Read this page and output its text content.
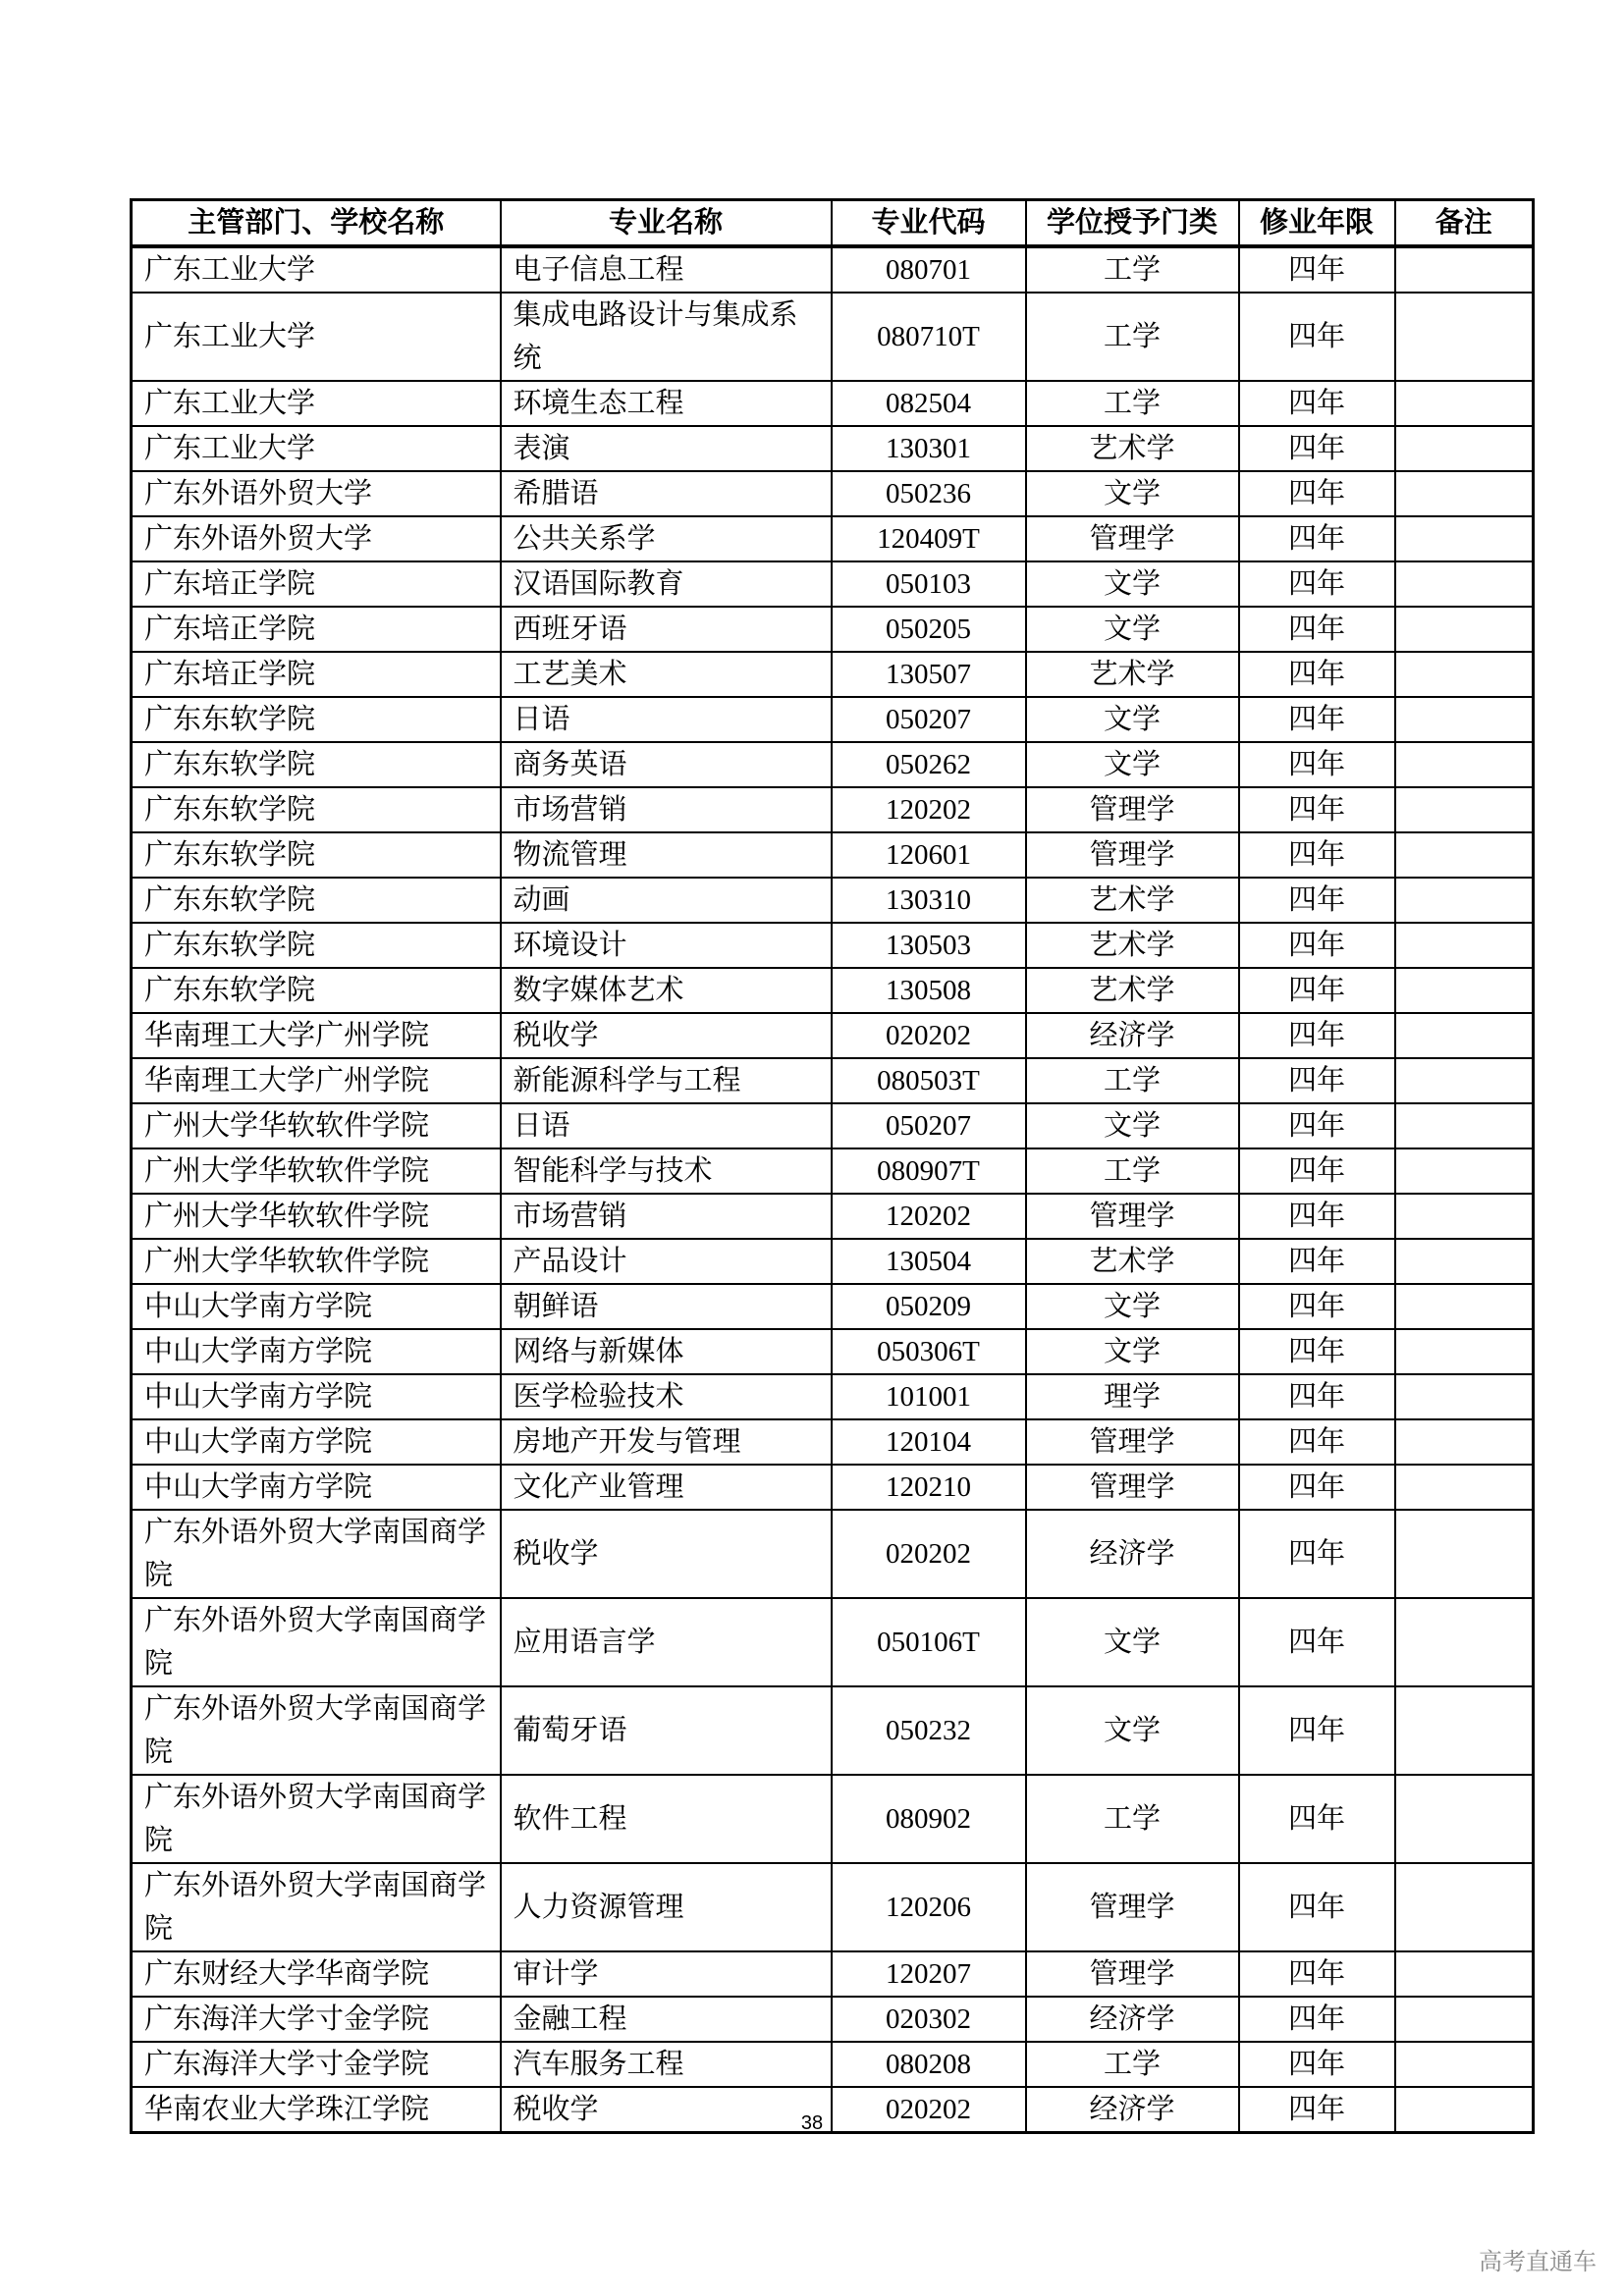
主管部门、学校名称	专业名称	专业代码	学位授予门类	修业年限	备注
广东工业大学	电子信息工程	080701	工学	四年	
广东工业大学	集成电路设计与集成系统	080710T	工学	四年	
广东工业大学	环境生态工程	082504	工学	四年	
广东工业大学	表演	130301	艺术学	四年	
广东外语外贸大学	希腊语	050236	文学	四年	
广东外语外贸大学	公共关系学	120409T	管理学	四年	
广东培正学院	汉语国际教育	050103	文学	四年	
广东培正学院	西班牙语	050205	文学	四年	
广东培正学院	工艺美术	130507	艺术学	四年	
广东东软学院	日语	050207	文学	四年	
广东东软学院	商务英语	050262	文学	四年	
广东东软学院	市场营销	120202	管理学	四年	
广东东软学院	物流管理	120601	管理学	四年	
广东东软学院	动画	130310	艺术学	四年	
广东东软学院	环境设计	130503	艺术学	四年	
广东东软学院	数字媒体艺术	130508	艺术学	四年	
华南理工大学广州学院	税收学	020202	经济学	四年	
华南理工大学广州学院	新能源科学与工程	080503T	工学	四年	
广州大学华软软件学院	日语	050207	文学	四年	
广州大学华软软件学院	智能科学与技术	080907T	工学	四年	
广州大学华软软件学院	市场营销	120202	管理学	四年	
广州大学华软软件学院	产品设计	130504	艺术学	四年	
中山大学南方学院	朝鲜语	050209	文学	四年	
中山大学南方学院	网络与新媒体	050306T	文学	四年	
中山大学南方学院	医学检验技术	101001	理学	四年	
中山大学南方学院	房地产开发与管理	120104	管理学	四年	
中山大学南方学院	文化产业管理	120210	管理学	四年	
广东外语外贸大学南国商学院	税收学	020202	经济学	四年	
广东外语外贸大学南国商学院	应用语言学	050106T	文学	四年	
广东外语外贸大学南国商学院	葡萄牙语	050232	文学	四年	
广东外语外贸大学南国商学院	软件工程	080902	工学	四年	
广东外语外贸大学南国商学院	人力资源管理	120206	管理学	四年	
广东财经大学华商学院	审计学	120207	管理学	四年	
广东海洋大学寸金学院	金融工程	020302	经济学	四年	
广东海洋大学寸金学院	汽车服务工程	080208	工学	四年	
华南农业大学珠江学院	税收学	020202	经济学	四年	
38
高考直通车
